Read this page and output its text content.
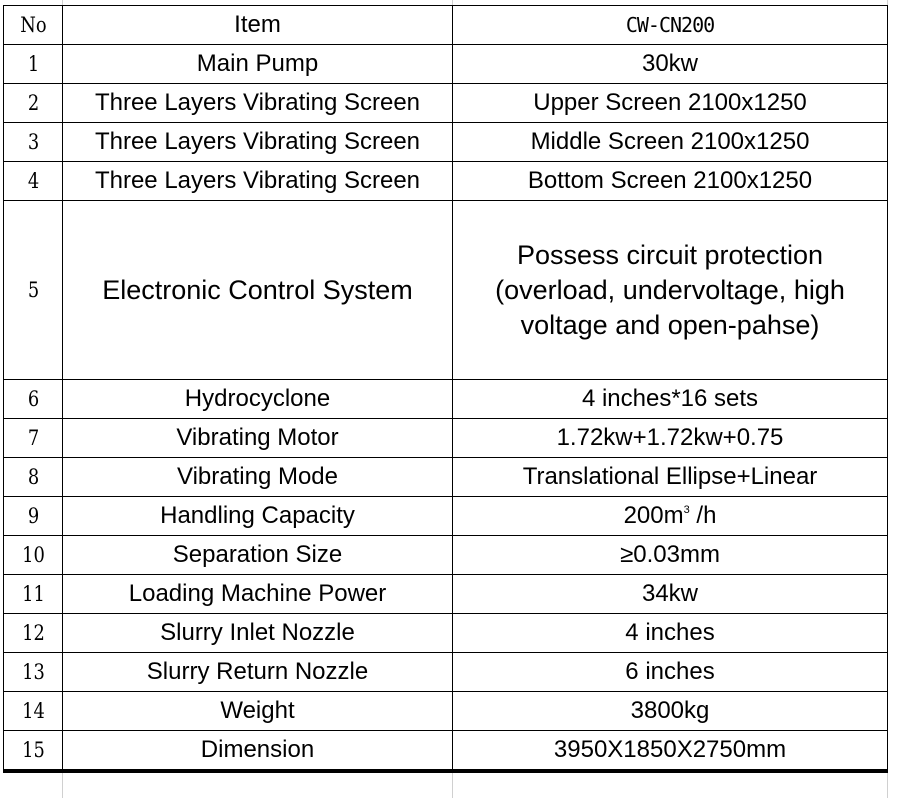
No	Item	CW-CN200
1	Main Pump	30kw
2	Three Layers Vibrating Screen	Upper Screen 2100x1250
3	Three Layers Vibrating Screen	Middle Screen 2100x1250
4	Three Layers Vibrating Screen	Bottom Screen 2100x1250
5	Electronic Control System	Possess circuit protection (overload, undervoltage, high voltage and open-pahse)
6	Hydrocyclone	4 inches*16 sets
7	Vibrating Motor	1.72kw+1.72kw+0.75
8	Vibrating Mode	Translational Ellipse+Linear
9	Handling Capacity	$200m^3$ /h
10	Separation Size	≥0.03mm
11	Loading Machine Power	34kw
12	Slurry Inlet Nozzle	4 inches
13	Slurry Return Nozzle	6 inches
14	Weight	3800kg
15	Dimension	3950X1850X2750mm
